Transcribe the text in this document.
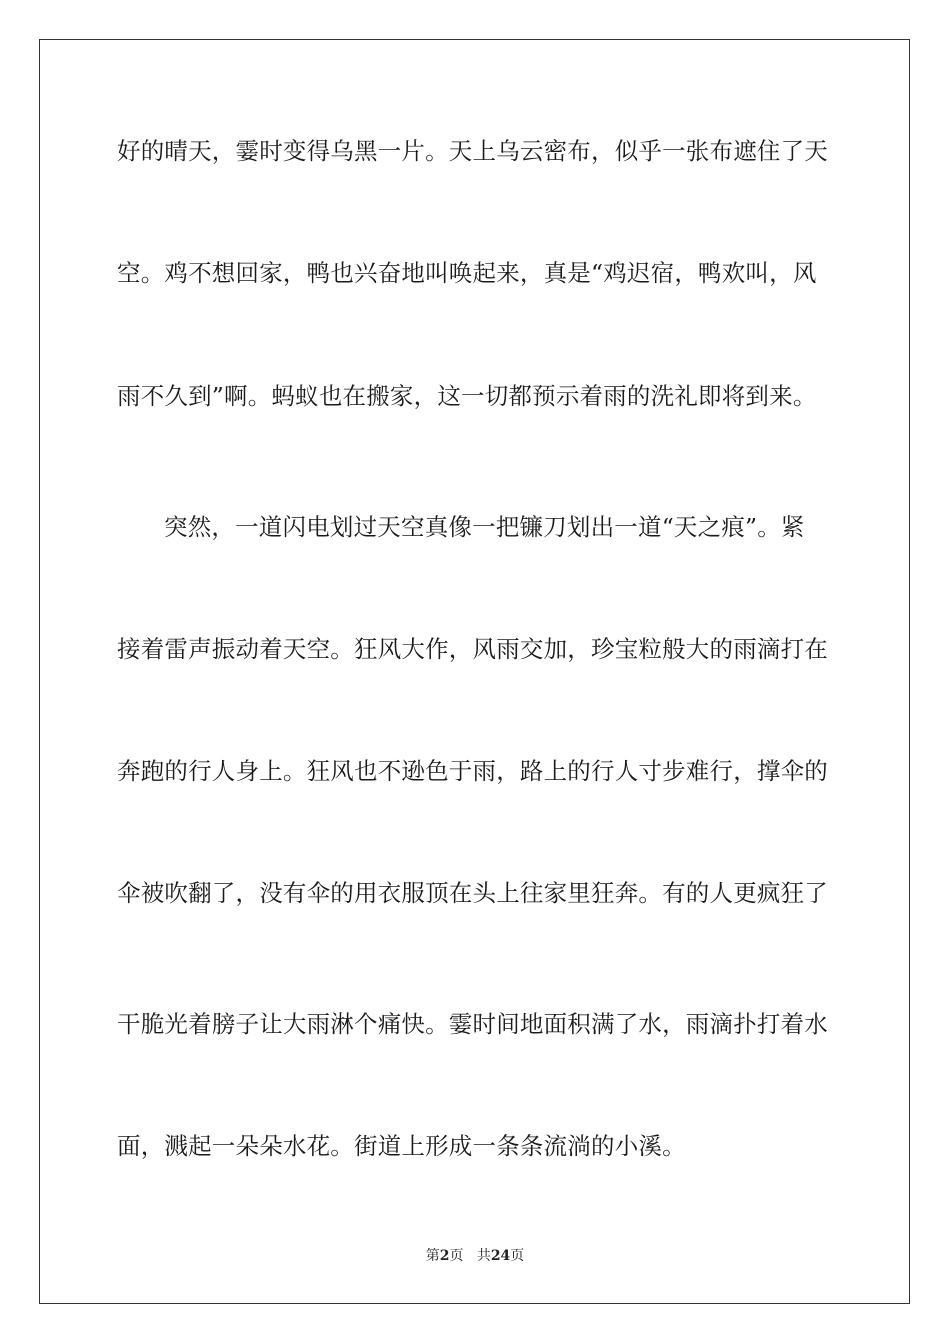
好的晴天，霎时变得乌黑一片。天上乌云密布，似乎一张布遮住了天
空。鸡不想回家，鸭也兴奋地叫唤起来，真是“鸡迟宿，鸭欢叫，风
雨不久到”啊。蚂蚁也在搬家，这一切都预示着雨的洗礼即将到来。
突然，一道闪电划过天空真像一把镰刀划出一道“天之痕”。紧
接着雷声振动着天空。狂风大作，风雨交加，珍宝粒般大的雨滴打在
奔跑的行人身上。狂风也不逊色于雨，路上的行人寸步难行，撑伞的
伞被吹翻了，没有伞的用衣服顶在头上往家里狂奔。有的人更疯狂了
干脆光着膀子让大雨淋个痛快。霎时间地面积满了水，雨滴扑打着水
面，溅起一朵朵水花。街道上形成一条条流淌的小溪。
第2页 共24页
